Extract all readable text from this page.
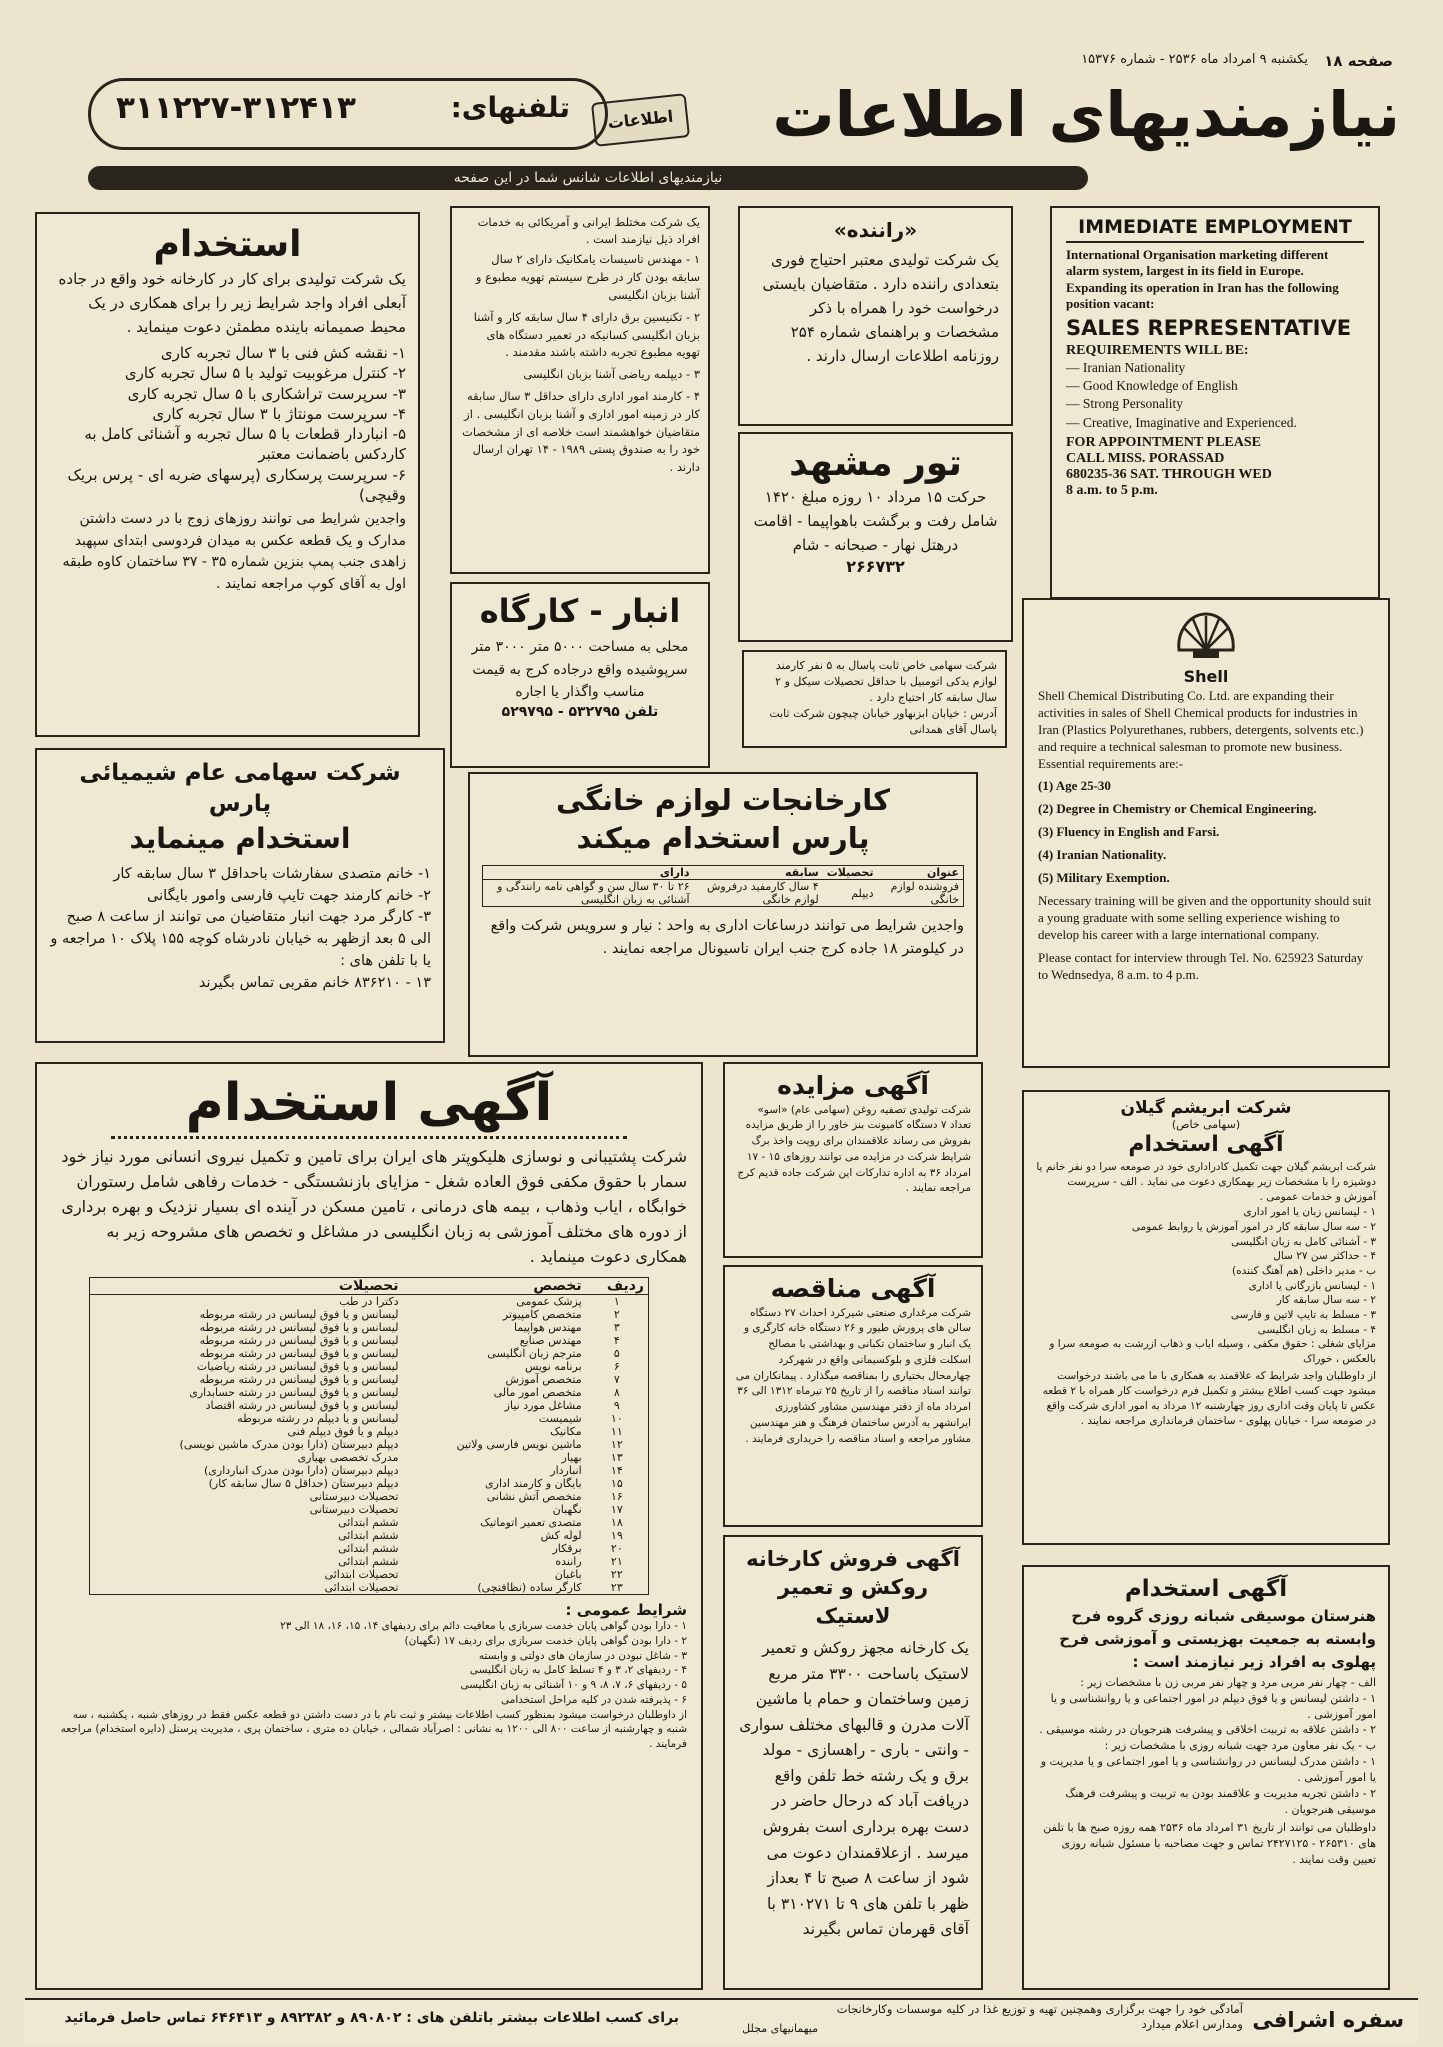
صفحه ۱۸
یکشنبه ۹ امرداد ماه ۲۵۳۶ - شماره ۱۵۳۷۶
نیازمندیهای اطلاعات
اطلاعات
تلفنهای:
۳۱۱۲۲۷-۳۱۲۴۱۳
نیازمندیهای اطلاعات شانس شما در این صفحه

IMMEDIATE EMPLOYMENT

International Organisation marketing different alarm system, largest in its field in Europe. Expanding its operation in Iran has the following position vacant:

SALES REPRESENTATIVE

REQUIREMENTS WILL BE:

— Iranian Nationality

— Good Knowledge of English

— Strong Personality

— Creative, Imaginative and Experienced.

FOR APPOINTMENT PLEASE

CALL MISS. PORASSAD

680235-36 SAT. THROUGH WED

8 a.m. to 5 p.m.

Shell

Shell Chemical Distributing Co. Ltd. are expanding their activities in sales of Shell Chemical products for industries in Iran (Plastics Polyurethanes, rubbers, detergents, solvents etc.) and require a technical salesman to promote new business. Essential requirements are:-

(1) Age 25-30

(2) Degree in Chemistry or Chemical Engineering.

(3) Fluency in English and Farsi.

(4) Iranian Nationality.

(5) Military Exemption.

Necessary training will be given and the opportunity should suit a young graduate with some selling experience wishing to develop his career with a large international company.

Please contact for interview through Tel. No. 625923 Saturday to Wednsedya, 8 a.m. to 4 p.m.

«راننده»

یک شرکت تولیدی معتبر احتیاج فوری بتعدادی راننده دارد . متقاضیان بایستی درخواست خود را همراه با ذکر مشخصات و براهنمای شماره ۲۵۴ روزنامه اطلاعات ارسال دارند .

تور مشهد

حرکت ۱۵ مرداد ۱۰ روزه مبلغ ۱۴۲۰ شامل رفت و برگشت باهواپیما - اقامت درهتل نهار - صبحانه - شام

۲۶۶۷۳۲

شرکت سهامی خاص ثابت پاسال به ۵ نفر کارمند لوازم یدکی اتومبیل با حداقل تحصیلات سیکل و ۲ سال سابقه کار احتیاج دارد .

آدرس : خیابان ابزنهاور خیابان چیچون شرکت ثابت پاسال آقای همدانی

یک شرکت مختلط ایرانی و آمریکائی به خدمات افراد ذیل نیازمند است .

۱ - مهندس تاسیسات یامکانیک دارای ۲ سال سابقه بودن کار در طرح سیستم تهویه مطبوع و آشنا بزبان انگلیسی

۲ - تکنیسین برق دارای ۴ سال سابقه کار و آشنا بزبان انگلیسی کسانیکه در تعمیر دستگاه های تهویه مطبوع تجربه داشته باشند مقدمند .

۳ - دیپلمه ریاضی آشنا بزبان انگلیسی

۴ - کارمند امور اداری دارای حداقل ۳ سال سابقه کار در زمینه امور اداری و آشنا بزبان انگلیسی . از متقاضیان خواهشمند است خلاصه ای از مشخصات خود را به صندوق پستی ۱۹۸۹ - ۱۴ تهران ارسال دارند .

انبار - کارگاه

محلی به مساحت ۵۰۰۰ متر ۳۰۰۰ متر سرپوشیده واقع درجاده کرج به قیمت مناسب واگذار یا اجاره

تلفن ۵۳۲۷۹۵ - ۵۲۹۷۹۵

استخدام

یک شرکت تولیدی برای کار در کارخانه خود واقع در جاده آبعلی افراد واجد شرایط زیر را برای همکاری در یک محیط صمیمانه باینده مطمئن دعوت مینماید .

۱- نقشه کش فنی با ۳ سال تجربه کاری

۲- کنترل مرغوبیت تولید با ۵ سال تجربه کاری

۳- سرپرست تراشکاری با ۵ سال تجربه کاری

۴- سرپرست مونتاژ با ۳ سال تجربه کاری

۵- انباردار قطعات با ۵ سال تجربه و آشنائی کامل به کاردکس باضمانت معتبر

۶- سرپرست پرسکاری (پرسهای ضربه ای - پرس بریک وقیچی)

واجدین شرایط می توانند روزهای زوج با در دست داشتن مدارک و یک قطعه عکس به میدان فردوسی ابتدای سپهبد زاهدی جنب پمپ بنزین شماره ۳۵ - ۳۷ ساختمان کاوه طبقه اول به آقای کوپ مراجعه نمایند .

شرکت سهامی عام شیمیائی پارس

استخدام مینماید

۱- خانم متصدی سفارشات باحداقل ۳ سال سابقه کار

۲- خانم کارمند جهت تایپ فارسی وامور بایگانی

۳- کارگر مرد جهت انبار متقاضیان می توانند از ساعت ۸ صبح الی ۵ بعد ازظهر به خیابان نادرشاه کوچه ۱۵۵ پلاک ۱۰ مراجعه و یا با تلفن های :

۱۳ - ۸۳۶۲۱۰ خانم مقربی تماس بگیرند

کارخانجات لوازم خانگی

پارس استخدام میکند

عنوان	تحصیلات	سابقه	دارای
فروشنده لوازم خانگی	دیپلم	۴ سال کارمفید درفروش لوازم خانگی	۲۶ تا ۳۰ سال سن و گواهی نامه رانندگی و آشنائی به زبان انگلیسی

واجدین شرایط می توانند درساعات اداری به واحد : نیار و سرویس شرکت واقع در کیلومتر ۱۸ جاده کرج جنب ایران ناسیونال مراجعه نمایند .

آگهی استخدام

شرکت پشتیبانی و نوسازی هلیکوپتر های ایران برای تامین و تکمیل نیروی انسانی مورد نیاز خود سمار با حقوق مکفی فوق العاده شغل - مزایای بازنشستگی - خدمات رفاهی شامل رستوران خوابگاه ، ایاب وذهاب ، بیمه های درمانی ، تامین مسکن در آینده ای بسیار نزدیک و بهره برداری از دوره های مختلف آموزشی به زبان انگلیسی در مشاغل و تخصص های مشروحه زیر به همکاری دعوت مینماید .

ردیف	تخصص	تحصیلات
۱	پزشک عمومی	دکترا در طب
۲	متخصص کامپیوتر	لیسانس و یا فوق لیسانس در رشته مربوطه
۳	مهندس هواپیما	لیسانس و یا فوق لیسانس در رشته مربوطه
۴	مهندس صنایع	لیسانس و یا فوق لیسانس در رشته مربوطه
۵	مترجم زبان انگلیسی	لیسانس و یا فوق لیسانس در رشته مربوطه
۶	برنامه نویس	لیسانس و یا فوق لیسانس در رشته ریاضیات
۷	متخصص آموزش	لیسانس و یا فوق لیسانس در رشته مربوطه
۸	متخصص امور مالی	لیسانس و یا فوق لیسانس در رشته حسابداری
۹	مشاغل مورد نیاز	لیسانس و یا فوق لیسانس در رشته اقتصاد
۱۰	شیمیست	لیسانس و یا دیپلم در رشته مربوطه
۱۱	مکانیک	دیپلم و یا فوق دیپلم فنی
۱۲	ماشین نویس فارسی ولاتین	دیپلم دبیرستان (دارا بودن مدرک ماشین نویسی)
۱۳	بهیار	مدرک تخصصی بهیاری
۱۴	انباردار	دیپلم دبیرستان (دارا بودن مدرک انبارداری)
۱۵	بایگان و کارمند اداری	دیپلم دبیرستان (حداقل ۵ سال سابقه کار)
۱۶	متخصص آتش نشانی	تحصیلات دبیرستانی
۱۷	نگهبان	تحصیلات دبیرستانی
۱۸	متصدی تعمیر اتوماتیک	ششم ابتدائی
۱۹	لوله کش	ششم ابتدائی
۲۰	برقکار	ششم ابتدائی
۲۱	راننده	ششم ابتدائی
۲۲	باغبان	تحصیلات ابتدائی
۲۳	کارگر ساده (نظافتچی)	تحصیلات ابتدائی

شرایط عمومی :

۱ - دارا بودن گواهی پایان خدمت سربازی یا معافیت دائم برای ردیفهای ۱۴، ۱۵، ۱۶، ۱۸ الی ۲۳

۲ - دارا بودن گواهی پایان خدمت سربازی برای ردیف ۱۷ (نگهبان)

۳ - شاغل نبودن در سازمان های دولتی و وابسته

۴ - ردیفهای ۲، ۳ و ۴ تسلط کامل به زبان انگلیسی

۵ - ردیفهای ۶، ۷، ۸، ۹ و ۱۰ آشنائی به زبان انگلیسی

۶ - پذیرفته شدن در کلیه مراحل استخدامی

از داوطلبان درخواست میشود بمنظور کسب اطلاعات بیشتر و ثبت نام با در دست داشتن دو قطعه عکس فقط در روزهای شنبه ، یکشنبه ، سه شنبه و چهارشنبه از ساعت ۸۰۰ الی ۱۲۰۰ به نشانی : اصرآباد شمالی ، خیابان ده متری ، ساختمان پری ، مدیریت پرسنل (دایره استخدام) مراجعه فرمایند .

آگهی مزایده

شرکت تولیدی تصفیه روغن (سهامی عام) «اسو» تعداد ۷ دستگاه کامیونت بنز خاور را از طریق مزایده بفروش می رساند علاقمندان برای رویت واخذ برگ شرایط شرکت در مزایده می توانند روزهای ۱۵ - ۱۷ امرداد ۳۶ به اداره تدارکات این شرکت جاده قدیم کرج مراجعه نمایند .

آگهی مناقصه

شرکت مرغداری صنعتی شیرکرد احداث ۲۷ دستگاه سالن های پرورش طیور و ۲۶ دستگاه خانه کارگری و یک انبار و ساختمان تکبانی و بهداشتی با مصالح اسکلت فلزی و بلوکسیمانی واقع در شهرکرد چهارمحال بختیاری را بمناقصه میگذارد . پیمانکاران می توانند اسناد مناقصه را از تاریخ ۲۵ تیرماه ۱۳۱۲ الی ۳۶ امرداد ماه از دفتر مهندسین مشاور کشاورزی ایرانشهر به آدرس ساختمان فرهنگ و هنر مهندسین مشاور مراجعه و اسناد مناقصه را خریداری فرمایند .

آگهی فروش کارخانه

روکش و تعمیر لاستیک

یک کارخانه مجهز روکش و تعمیر لاستیک باساحت ۳۳۰۰ متر مربع زمین وساختمان و حمام با ماشین آلات مدرن و قالبهای مختلف سواری - وانتی - باری - راهسازی - مولد برق و یک رشته خط تلفن واقع دریافت آباد که درحال حاضر در دست بهره برداری است بفروش میرسد . ازعلاقمندان دعوت می شود از ساعت ۸ صبح تا ۴ بعداز ظهر با تلفن های ۹ تا ۳۱۰۲۷۱ با آقای قهرمان تماس بگیرند

شرکت ابریشم گیلان

(سهامی خاص)

آگهی استخدام

شرکت ابریشم گیلان جهت تکمیل کادراداری خود در صومعه سرا دو نفر خانم یا دوشیزه را با مشخصات زیر بهمکاری دعوت می نماید . الف - سرپرست آموزش و خدمات عمومی .

۱ - لیسانس زبان یا امور اداری

۲ - سه سال سابقه کار در امور آموزش یا روابط عمومی

۳ - آشنائی کامل به زبان انگلیسی

۴ - حداکثر سن ۲۷ سال

ب - مدیر داخلی (هم آهنگ کننده)

۱ - لیسانس بازرگانی یا اداری

۲ - سه سال سابقه کار

۳ - مسلط به تایپ لاتین و فارسی

۴ - مسلط به زبان انگلیسی

مزایای شغلی : حقوق مکفی ، وسیله ایاب و ذهاب ازرشت به صومعه سرا و بالعکس ، خوراک

از داوطلبان واجد شرایط که علاقمند به همکاری با ما می باشند درخواست میشود جهت کسب اطلاع بیشتر و تکمیل فرم درخواست کار همراه با ۲ قطعه عکس تا پایان وقت اداری روز چهارشنبه ۱۲ مرداد به امور اداری شرکت واقع در صومعه سرا - خیابان پهلوی - ساختمان فرمانداری مراجعه نمایند .

آگهی استخدام

هنرستان موسیقی شبانه روزی گروه فرح وابسته به جمعیت بهزیستی و آموزشی فرح پهلوی به افراد زیر نیازمند است :

الف - چهار نفر مربی مرد و چهار نفر مربی زن با مشخصات زیر :

۱ - داشتن لیسانس و یا فوق دیپلم در امور اجتماعی و یا روانشناسی و یا امور آموزشی .

۲ - داشتن علاقه به تربیت اخلاقی و پیشرفت هنرجویان در رشته موسیقی .

ب - یک نفر معاون مرد جهت شبانه روزی با مشخصات زیر :

۱ - داشتن مدرک لیسانس در روانشناسی و یا امور اجتماعی و یا مدیریت و یا امور آموزشی .

۲ - داشتن تجربه مدیریت و علاقمند بودن به تربیت و پیشرفت فرهنگ موسیقی هنرجویان .

داوطلبان می توانند از تاریخ ۳۱ امرداد ماه ۲۵۳۶ همه روزه صبح ها با تلفن های ۲۶۵۳۱۰ - ۲۴۲۷۱۲۵ تماس و جهت مصاحبه با مسئول شبانه روزی تعیین وقت نمایند .

سفره اشرافی

آمادگی خود را جهت برگزاری وهمچنین تهیه و توزیع غذا در کلیه موسسات وکارخانجات ومدارس اعلام میدارد

میهمانیهای مجلل

برای کسب اطلاعات بیشتر باتلفن های : ۸۹۰۸۰۲ و ۸۹۲۳۸۲ و ۶۴۶۴۱۳ تماس حاصل فرمائید
